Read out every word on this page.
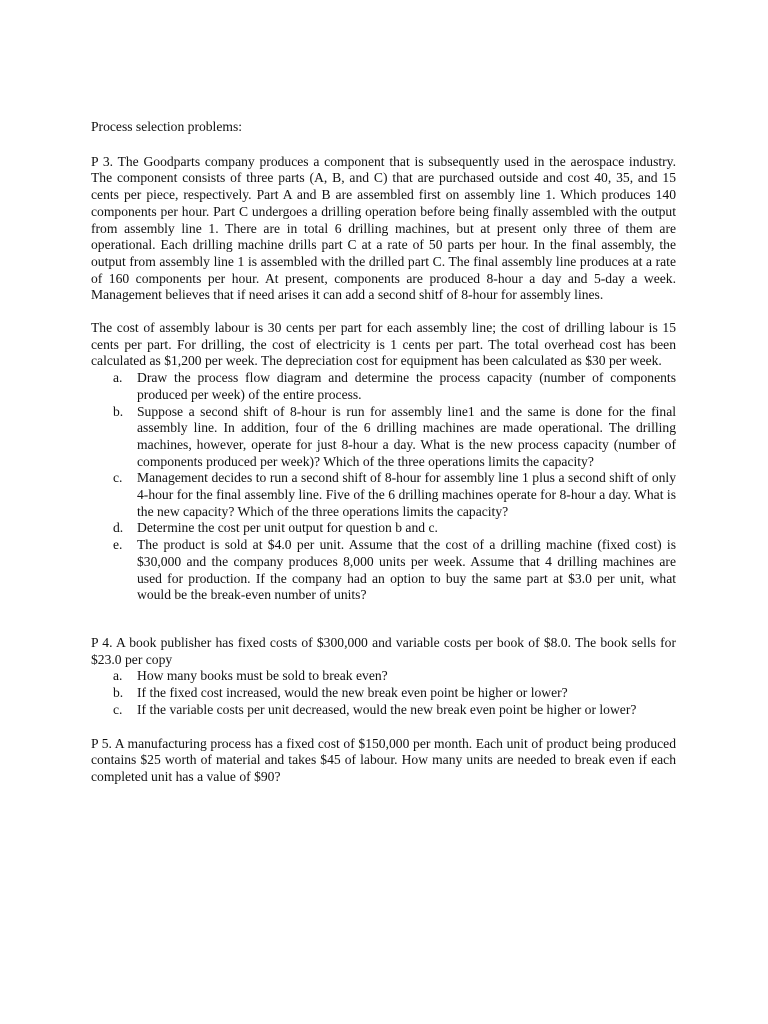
Process selection problems:

P 3. The Goodparts company produces a component that is subsequently used in the aerospace industry. The component consists of three parts (A, B, and C) that are purchased outside and cost 40, 35, and 15 cents per piece, respectively. Part A and B are assembled first on assembly line 1. Which produces 140 components per hour. Part C undergoes a drilling operation before being finally assembled with the output from assembly line 1. There are in total 6 drilling machines, but at present only three of them are operational. Each drilling machine drills part C at a rate of 50 parts per hour. In the final assembly, the output from assembly line 1 is assembled with the drilled part C. The final assembly line produces at a rate of 160 components per hour. At present, components are produced 8-hour a day and 5-day a week. Management believes that if need arises it can add a second shitf of 8-hour for assembly lines.

The cost of assembly labour is 30 cents per part for each assembly line; the cost of drilling labour is 15 cents per part. For drilling, the cost of electricity is 1 cents per part. The total overhead cost has been calculated as $1,200 per week. The depreciation cost for equipment has been calculated as $30 per week.

a. Draw the process flow diagram and determine the process capacity (number of components produced per week) of the entire process.
b. Suppose a second shift of 8-hour is run for assembly line1 and the same is done for the final assembly line. In addition, four of the 6 drilling machines are made operational. The drilling machines, however, operate for just 8-hour a day. What is the new process capacity (number of components produced per week)? Which of the three operations limits the capacity?
c. Management decides to run a second shift of 8-hour for assembly line 1 plus a second shift of only 4-hour for the final assembly line. Five of the 6 drilling machines operate for 8-hour a day. What is the new capacity? Which of the three operations limits the capacity?
d. Determine the cost per unit output for question b and c.
e. The product is sold at $4.0 per unit. Assume that the cost of a drilling machine (fixed cost) is $30,000 and the company produces 8,000 units per week. Assume that 4 drilling machines are used for production. If the company had an option to buy the same part at $3.0 per unit, what would be the break-even number of units?

P 4. A book publisher has fixed costs of $300,000 and variable costs per book of $8.0. The book sells for $23.0 per copy

a. How many books must be sold to break even?
b. If the fixed cost increased, would the new break even point be higher or lower?
c. If the variable costs per unit decreased, would the new break even point be higher or lower?

P 5. A manufacturing process has a fixed cost of $150,000 per month. Each unit of product being produced contains $25 worth of material and takes $45 of labour. How many units are needed to break even if each completed unit has a value of $90?
